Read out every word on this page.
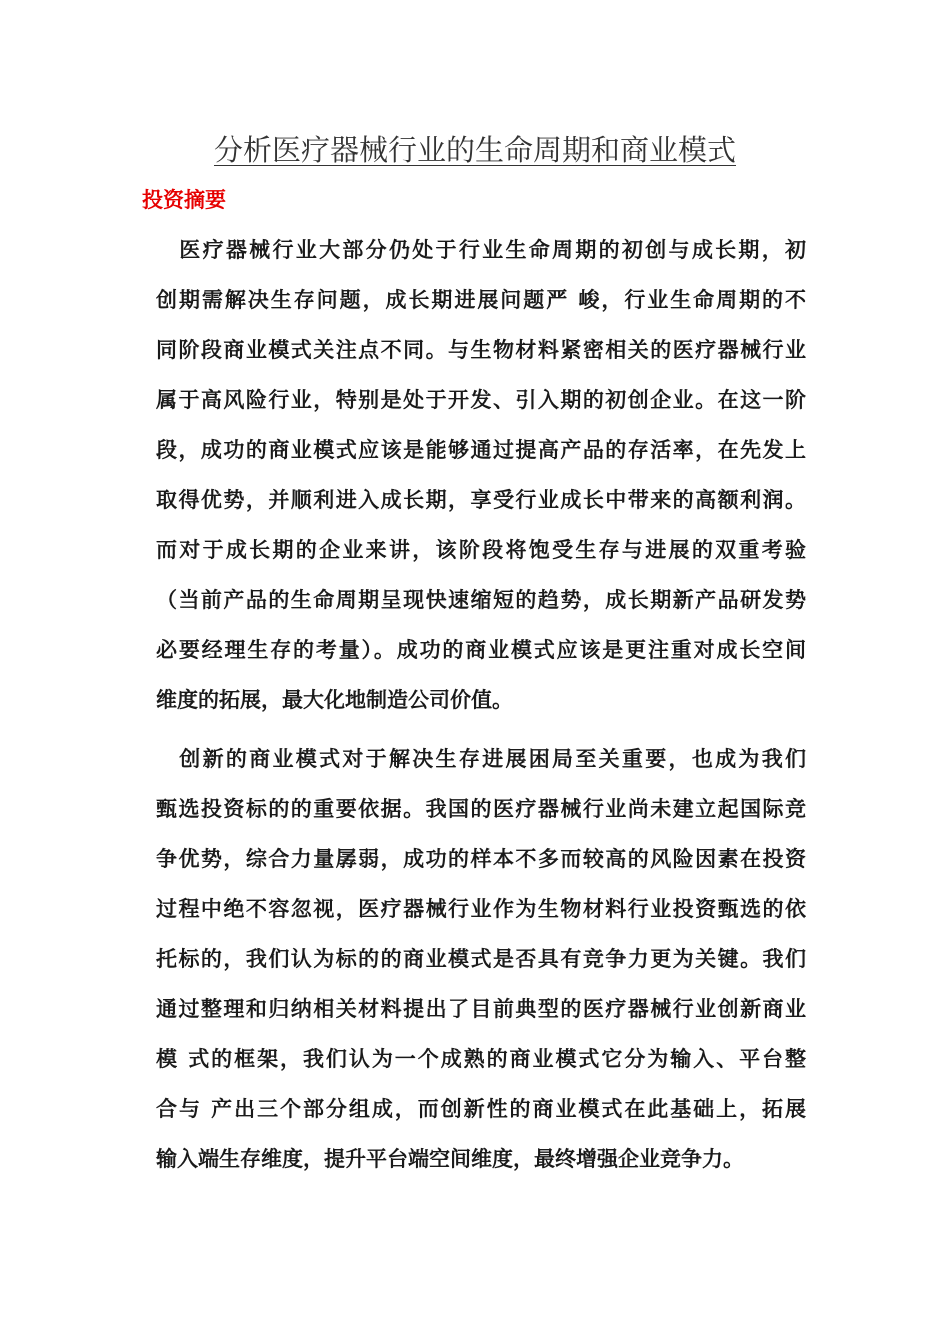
分析医疗器械行业的生命周期和商业模式
投资摘要
　医疗器械行业大部分仍处于行业生命周期的初创与成长期，初
创期需解决生存问题，成长期进展问题严 峻，行业生命周期的不
同阶段商业模式关注点不同。与生物材料紧密相关的医疗器械行业
属于高风险行业，特别是处于开发、引入期的初创企业。在这一阶
段，成功的商业模式应该是能够通过提高产品的存活率，在先发上
取得优势，并顺利进入成长期，享受行业成长中带来的高额利润。
而对于成长期的企业来讲，该阶段将饱受生存与进展的双重考验
（当前产品的生命周期呈现快速缩短的趋势，成长期新产品研发势
必要经理生存的考量）。成功的商业模式应该是更注重对成长空间
维度的拓展，最大化地制造公司价值。
　创新的商业模式对于解决生存进展困局至关重要，也成为我们
甄选投资标的的重要依据。我国的医疗器械行业尚未建立起国际竞
争优势，综合力量孱弱，成功的样本不多而较高的风险因素在投资
过程中绝不容忽视，医疗器械行业作为生物材料行业投资甄选的依
托标的，我们认为标的的商业模式是否具有竞争力更为关键。我们
通过整理和归纳相关材料提出了目前典型的医疗器械行业创新商业
模 式的框架，我们认为一个成熟的商业模式它分为输入、平台整
合与 产出三个部分组成，而创新性的商业模式在此基础上，拓展
输入端生存维度，提升平台端空间维度，最终增强企业竞争力。
